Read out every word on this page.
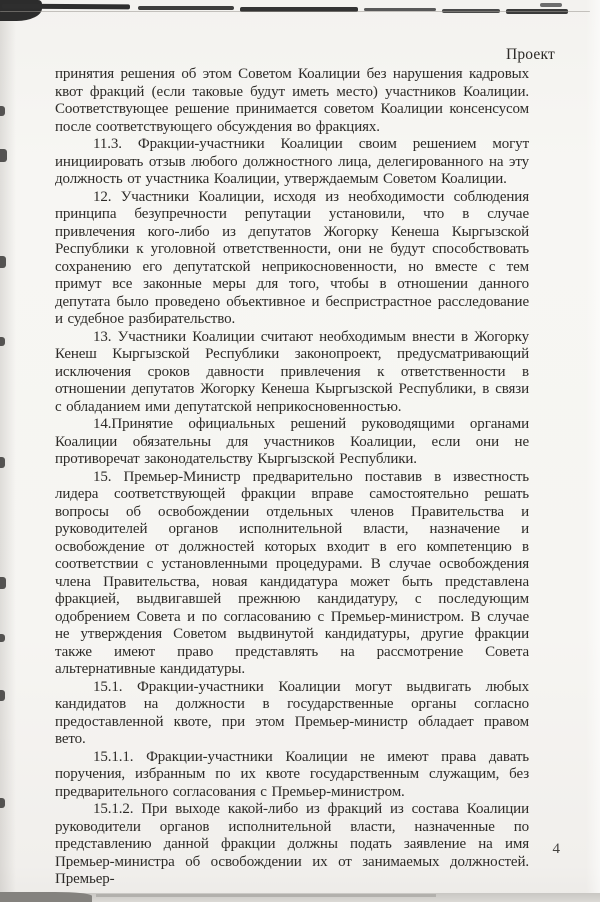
Проект

принятия решения об этом Советом Коалиции без нарушения кадровых квот фракций (если таковые будут иметь место) участников Коалиции. Соответствующее решение принимается советом Коалиции консенсусом после соответствующего обсуждения во фракциях.

11.3. Фракции-участники Коалиции своим решением могут инициировать отзыв любого должностного лица, делегированного на эту должность от участника Коалиции, утверждаемым Советом Коалиции.

12. Участники Коалиции, исходя из необходимости соблюдения принципа безупречности репутации установили, что в случае привлечения кого-либо из депутатов Жогорку Кенеша Кыргызской Республики к уголовной ответственности, они не будут способствовать сохранению его депутатской неприкосновенности, но вместе с тем примут все законные меры для того, чтобы в отношении данного депутата было проведено объективное и беспристрастное расследование и судебное разбирательство.

13. Участники Коалиции считают необходимым внести в Жогорку Кенеш Кыргызской Республики законопроект, предусматривающий исключения сроков давности привлечения к ответственности в отношении депутатов Жогорку Кенеша Кыргызской Республики, в связи с обладанием ими депутатской неприкосновенностью.

14.Принятие официальных решений руководящими органами Коалиции обязательны для участников Коалиции, если они не противоречат законодательству Кыргызской Республики.

15. Премьер-Министр предварительно поставив в известность лидера соответствующей фракции вправе самостоятельно решать вопросы об освобождении отдельных членов Правительства и руководителей органов исполнительной власти, назначение и освобождение от должностей которых входит в его компетенцию в соответствии с установленными процедурами. В случае освобождения члена Правительства, новая кандидатура может быть представлена фракцией, выдвигавшей прежнюю кандидатуру, с последующим одобрением Совета и по согласованию с Премьер-министром. В случае не утверждения Советом выдвинутой кандидатуры, другие фракции также имеют право представлять на рассмотрение Совета альтернативные кандидатуры.

15.1. Фракции-участники Коалиции могут выдвигать любых кандидатов на должности в государственные органы согласно предоставленной квоте, при этом Премьер-министр обладает правом вето.

15.1.1. Фракции-участники Коалиции не имеют права давать поручения, избранным по их квоте государственным служащим, без предварительного согласования с Премьер-министром.

15.1.2. При выходе какой-либо из фракций из состава Коалиции руководители органов исполнительной власти, назначенные по представлению данной фракции должны подать заявление на имя Премьер-министра об освобождении их от занимаемых должностей. Премьер-

4
